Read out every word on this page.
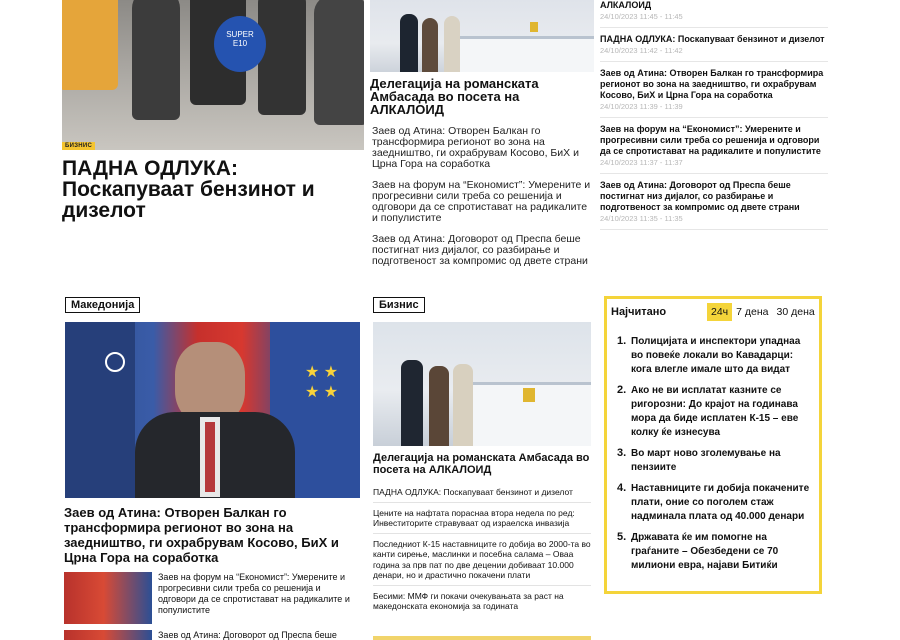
SUPER
E10
БИЗНИС
ПАДНА ОДЛУКА: Поскапуваат бензинот и дизелот
Делегација на романската Амбасада во посета на АЛКАЛОИД
Заев од Атина: Отворен Балкан го трансформира регионот во зона на заедништво, ги охрабрувам Косово, БиХ и Црна Гора на соработка
Заев на форум на “Економист”: Умерените и прогресивни сили треба со решенија и одговори да се спротистават на радикалите и популистите
Заев од Атина: Договорот од Преспа беше постигнат низ дијалог, со разбирање и подготвеност за компромис од двете страни
АЛКАЛОИД
24/10/2023 11:45 - 11:45
ПАДНА ОДЛУКА: Поскапуваат бензинот и дизелот
24/10/2023 11:42 - 11:42
Заев од Атина: Отворен Балкан го трансформира регионот во зона на заедништво, ги охрабрувам Косово, БиХ и Црна Гора на соработка
24/10/2023 11:39 - 11:39
Заев на форум на “Економист”: Умерените и прогресивни сили треба со решенија и одговори да се спротистават на радикалите и популистите
24/10/2023 11:37 - 11:37
Заев од Атина: Договорот од Преспа беше постигнат низ дијалог, со разбирање и подготвеност за компромис од двете страни
24/10/2023 11:35 - 11:35
Македонија	Бизнис
★ ★
★ ★
Заев од Атина: Отворен Балкан го трансформира регионот во зона на заедништво, ги охрабрувам Косово, БиХ и Црна Гора на соработка
Заев на форум на “Економист”: Умерените и прогресивни сили треба со решенија и одговори да се спротистават на радикалите и популистите
Заев од Атина: Договорот од Преспа беше
Делегација на романската Амбасада во посета на АЛКАЛОИД
ПАДНА ОДЛУКА: Поскапуваат бензинот и дизелот
Цените на нафтата пораснаа втора недела по ред: Инвеститорите стравуваат од израелска инвазија
Последниот К-15 наставниците го добија во 2000-та во канти сирење, маслинки и посебна салама – Оваа година за прв пат по две децении добиваат 10.000 денари, но и драстично покачени плати
Бесими: ММФ ги покачи очекувањата за раст на македонската економија за годината
Најчитано	24ч 7 дена 30 дена
1. Полицијата и инспектори упаднаа во повеќе локали во Кавадарци: кога влегле имале што да видат
2. Ако не ви исплатат казните се ригорозни: До крајот на годинава мора да биде исплатен К-15 – еве колку ќе изнесува
3. Во март ново зголемување на пензиите
4. Наставниците ги добија покачените плати, оние со поголем стаж надминала плата од 40.000 денари
5. Државата ќе им помогне на граѓаните – Обезбедени се 70 милиони евра, најави Битиќи
